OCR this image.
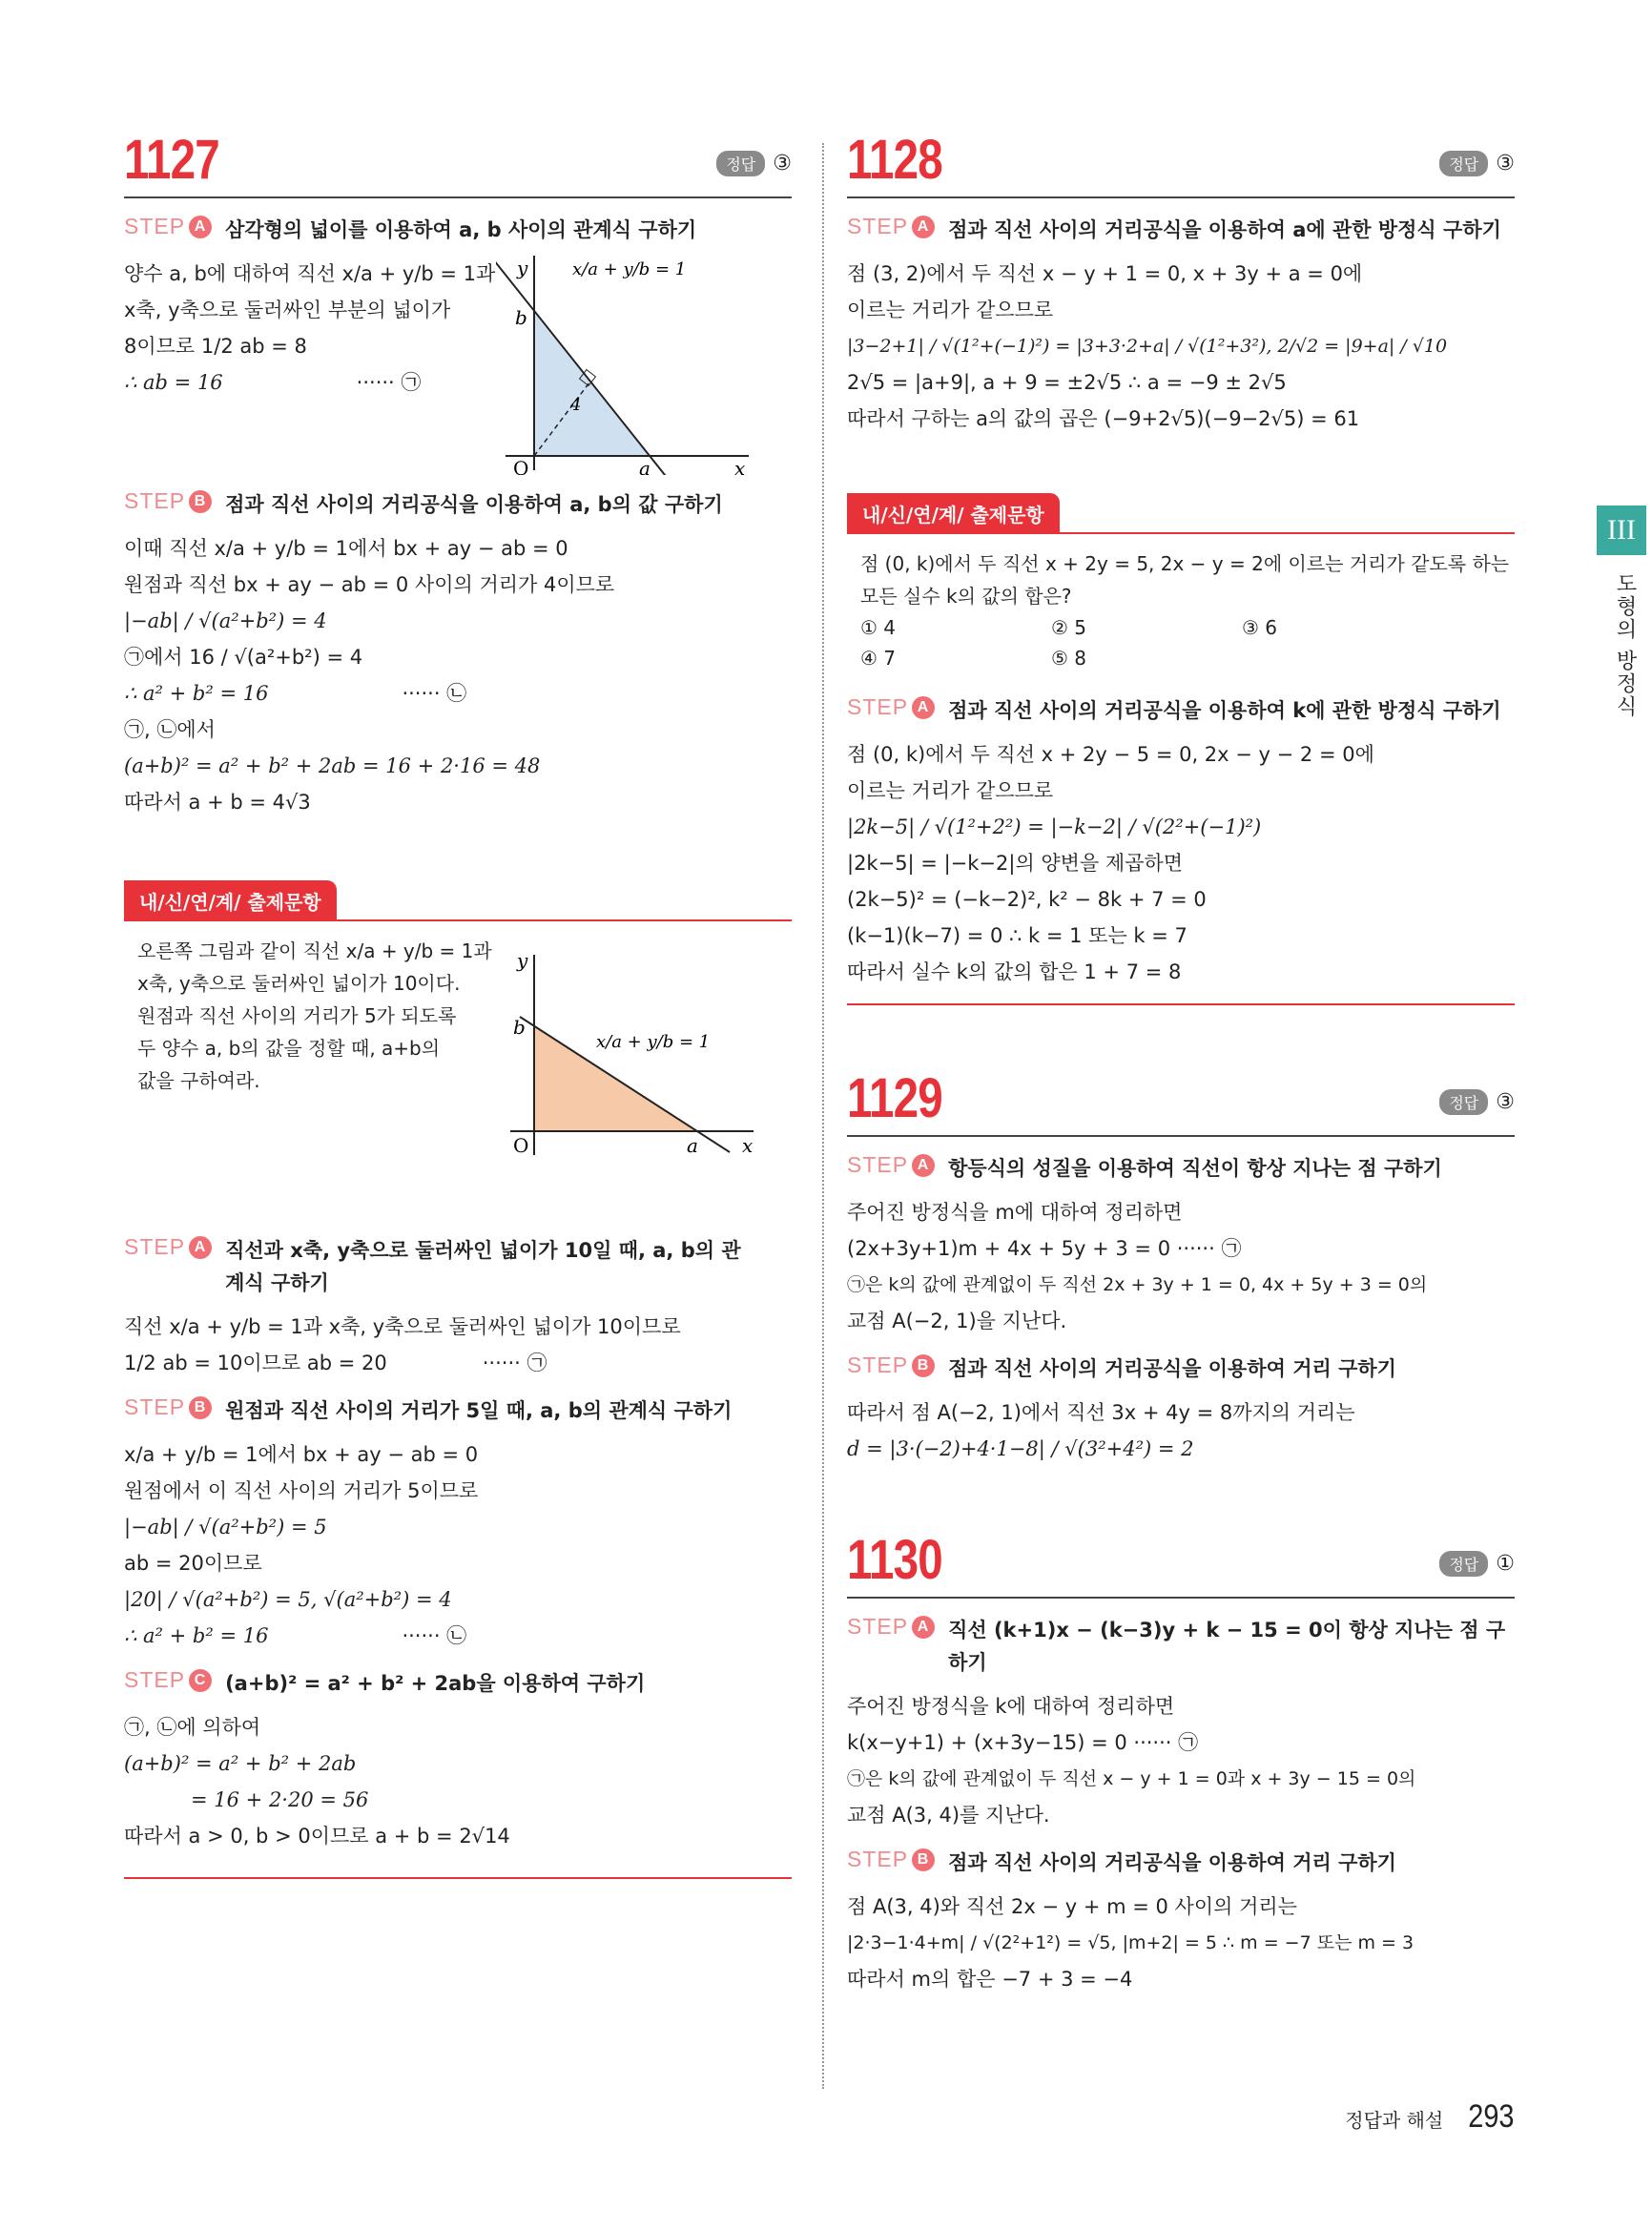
1127	정답 ③
STEP A 삼각형의 넓이를 이용하여 a, b 사이의 관계식 구하기
양수 a, b에 대하여 직선 x/a + y/b = 1과
x축, y축으로 둘러싸인 부분의 넓이가
8이므로 1/2 ab = 8
∴ ab = 16	······ ㉠
y
b
O	a	x
4
x/a + y/b = 1
STEP B 점과 직선 사이의 거리공식을 이용하여 a, b의 값 구하기
이때 직선 x/a + y/b = 1에서 bx + ay − ab = 0
원점과 직선 bx + ay − ab = 0 사이의 거리가 4이므로
|−ab| / √(a²+b²) = 4
㉠에서 16 / √(a²+b²) = 4
∴ a² + b² = 16	······ ㉡
㉠, ㉡에서
(a+b)² = a² + b² + 2ab = 16 + 2·16 = 48
따라서 a + b = 4√3
내/신/연/계/ 출제문항
오른쪽 그림과 같이 직선 x/a + y/b = 1과
x축, y축으로 둘러싸인 넓이가 10이다.
원점과 직선 사이의 거리가 5가 되도록
두 양수 a, b의 값을 정할 때, a+b의
값을 구하여라.
y
b
O	a x
x/a + y/b = 1
STEP A 직선과 x축, y축으로 둘러싸인 넓이가 10일 때, a, b의 관계식 구하기
직선 x/a + y/b = 1과 x축, y축으로 둘러싸인 넓이가 10이므로
1/2 ab = 10이므로 ab = 20	······ ㉠
STEP B 원점과 직선 사이의 거리가 5일 때, a, b의 관계식 구하기
x/a + y/b = 1에서 bx + ay − ab = 0
원점에서 이 직선 사이의 거리가 5이므로
|−ab| / √(a²+b²) = 5
ab = 20이므로
|20| / √(a²+b²) = 5, √(a²+b²) = 4
∴ a² + b² = 16	······ ㉡
STEP C (a+b)² = a² + b² + 2ab을 이용하여 구하기
㉠, ㉡에 의하여
(a+b)² = a² + b² + 2ab
= 16 + 2·20 = 56
따라서 a > 0, b > 0이므로 a + b = 2√14
1128	정답 ③
STEP A 점과 직선 사이의 거리공식을 이용하여 a에 관한 방정식 구하기
점 (3, 2)에서 두 직선 x − y + 1 = 0, x + 3y + a = 0에
이르는 거리가 같으므로
|3−2+1| / √(1²+(−1)²) = |3+3·2+a| / √(1²+3²), 2/√2 = |9+a| / √10
2√5 = |a+9|, a + 9 = ±2√5 ∴ a = −9 ± 2√5
따라서 구하는 a의 값의 곱은 (−9+2√5)(−9−2√5) = 61
내/신/연/계/ 출제문항
점 (0, k)에서 두 직선 x + 2y = 5, 2x − y = 2에 이르는 거리가 같도록 하는
모든 실수 k의 값의 합은?
① 4	② 5	③ 6
④ 7	⑤ 8
STEP A 점과 직선 사이의 거리공식을 이용하여 k에 관한 방정식 구하기
점 (0, k)에서 두 직선 x + 2y − 5 = 0, 2x − y − 2 = 0에
이르는 거리가 같으므로
|2k−5| / √(1²+2²) = |−k−2| / √(2²+(−1)²)
|2k−5| = |−k−2|의 양변을 제곱하면
(2k−5)² = (−k−2)², k² − 8k + 7 = 0
(k−1)(k−7) = 0 ∴ k = 1 또는 k = 7
따라서 실수 k의 값의 합은 1 + 7 = 8
1129	정답 ③
STEP A 항등식의 성질을 이용하여 직선이 항상 지나는 점 구하기
주어진 방정식을 m에 대하여 정리하면
(2x+3y+1)m + 4x + 5y + 3 = 0 ······ ㉠
㉠은 k의 값에 관계없이 두 직선 2x + 3y + 1 = 0, 4x + 5y + 3 = 0의
교점 A(−2, 1)을 지난다.
STEP B 점과 직선 사이의 거리공식을 이용하여 거리 구하기
따라서 점 A(−2, 1)에서 직선 3x + 4y = 8까지의 거리는
d = |3·(−2)+4·1−8| / √(3²+4²) = 2
1130	정답 ①
STEP A 직선 (k+1)x − (k−3)y + k − 15 = 0이 항상 지나는 점 구하기
주어진 방정식을 k에 대하여 정리하면
k(x−y+1) + (x+3y−15) = 0 ······ ㉠
㉠은 k의 값에 관계없이 두 직선 x − y + 1 = 0과 x + 3y − 15 = 0의
교점 A(3, 4)를 지난다.
STEP B 점과 직선 사이의 거리공식을 이용하여 거리 구하기
점 A(3, 4)와 직선 2x − y + m = 0 사이의 거리는
|2·3−1·4+m| / √(2²+1²) = √5, |m+2| = 5 ∴ m = −7 또는 m = 3
따라서 m의 합은 −7 + 3 = −4
III
도형의 방정식
정답과 해설 293
